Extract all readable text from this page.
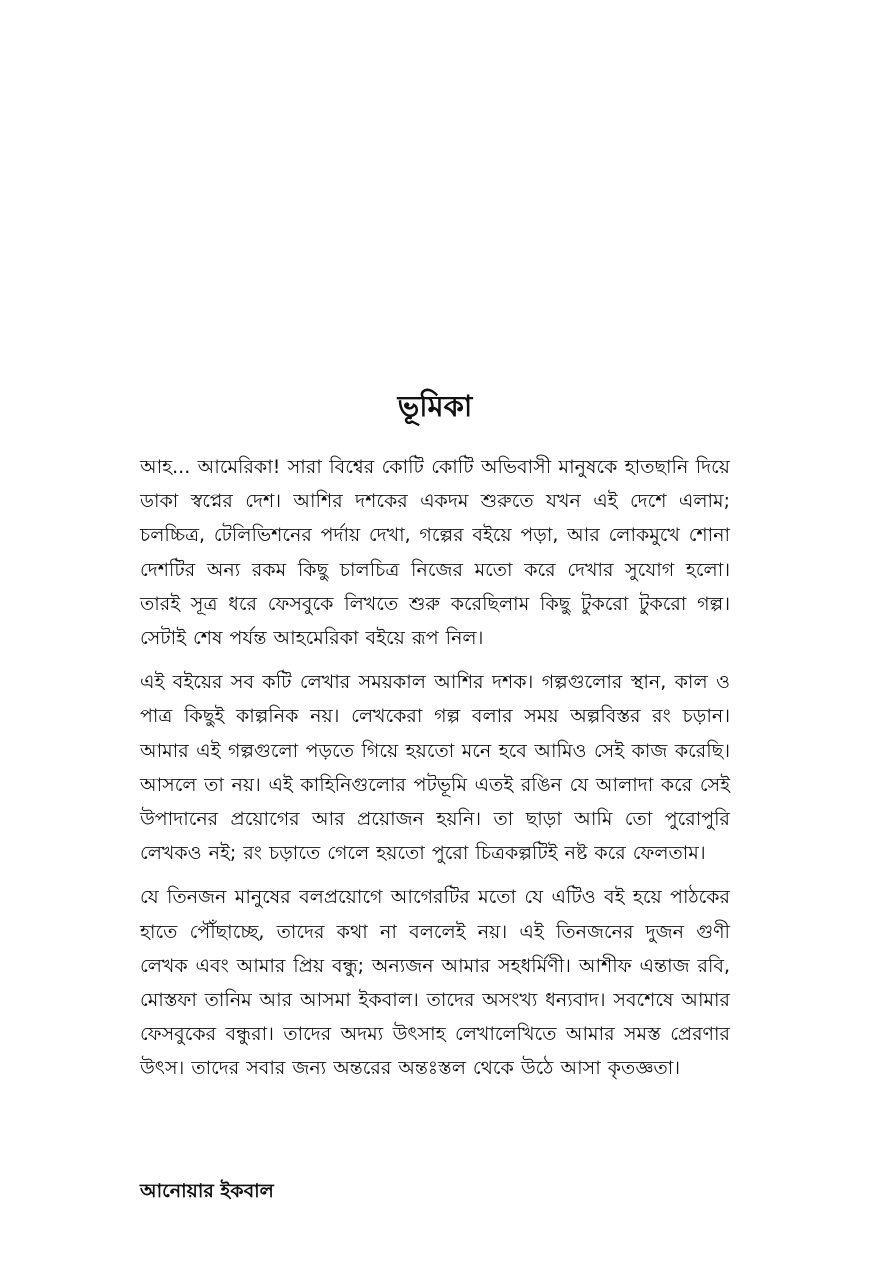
ভূমিকা

আহ... আমেরিকা! সারা বিশ্বের কোটি কোটি অভিবাসী মানুষকে হাতছানি দিয়ে ডাকা স্বপ্নের দেশ। আশির দশকের একদম শুরুতে যখন এই দেশে এলাম; চলচ্চিত্র, টেলিভিশনের পর্দায় দেখা, গল্পের বইয়ে পড়া, আর লোকমুখে শোনা দেশটির অন্য রকম কিছু চালচিত্র নিজের মতো করে দেখার সুযোগ হলো। তারই সূত্র ধরে ফেসবুকে লিখতে শুরু করেছিলাম কিছু টুকরো টুকরো গল্প। সেটাই শেষ পর্যন্ত আহমেরিকা বইয়ে রূপ নিল।

এই বইয়ের সব কটি লেখার সময়কাল আশির দশক। গল্পগুলোর স্থান, কাল ও পাত্র কিছুই কাল্পনিক নয়। লেখকেরা গল্প বলার সময় অল্পবিস্তর রং চড়ান। আমার এই গল্পগুলো পড়তে গিয়ে হয়তো মনে হবে আমিও সেই কাজ করেছি। আসলে তা নয়। এই কাহিনিগুলোর পটভূমি এতই রঙিন যে আলাদা করে সেই উপাদানের প্রয়োগের আর প্রয়োজন হয়নি। তা ছাড়া আমি তো পুরোপুরি লেখকও নই; রং চড়াতে গেলে হয়তো পুরো চিত্রকল্পটিই নষ্ট করে ফেলতাম।

যে তিনজন মানুষের বলপ্রয়োগে আগেরটির মতো যে এটিও বই হয়ে পাঠকের হাতে পৌঁছাচ্ছে, তাদের কথা না বললেই নয়। এই তিনজনের দুজন গুণী লেখক এবং আমার প্রিয় বন্ধু; অন্যজন আমার সহধর্মিণী। আশীফ এন্তাজ রবি, মোস্তফা তানিম আর আসমা ইকবাল। তাদের অসংখ্য ধন্যবাদ। সবশেষে আমার ফেসবুকের বন্ধুরা। তাদের অদম্য উৎসাহ লেখালেখিতে আমার সমস্ত প্রেরণার উৎস। তাদের সবার জন্য অন্তরের অন্তঃস্তল থেকে উঠে আসা কৃতজ্ঞতা।

আনোয়ার ইকবাল
